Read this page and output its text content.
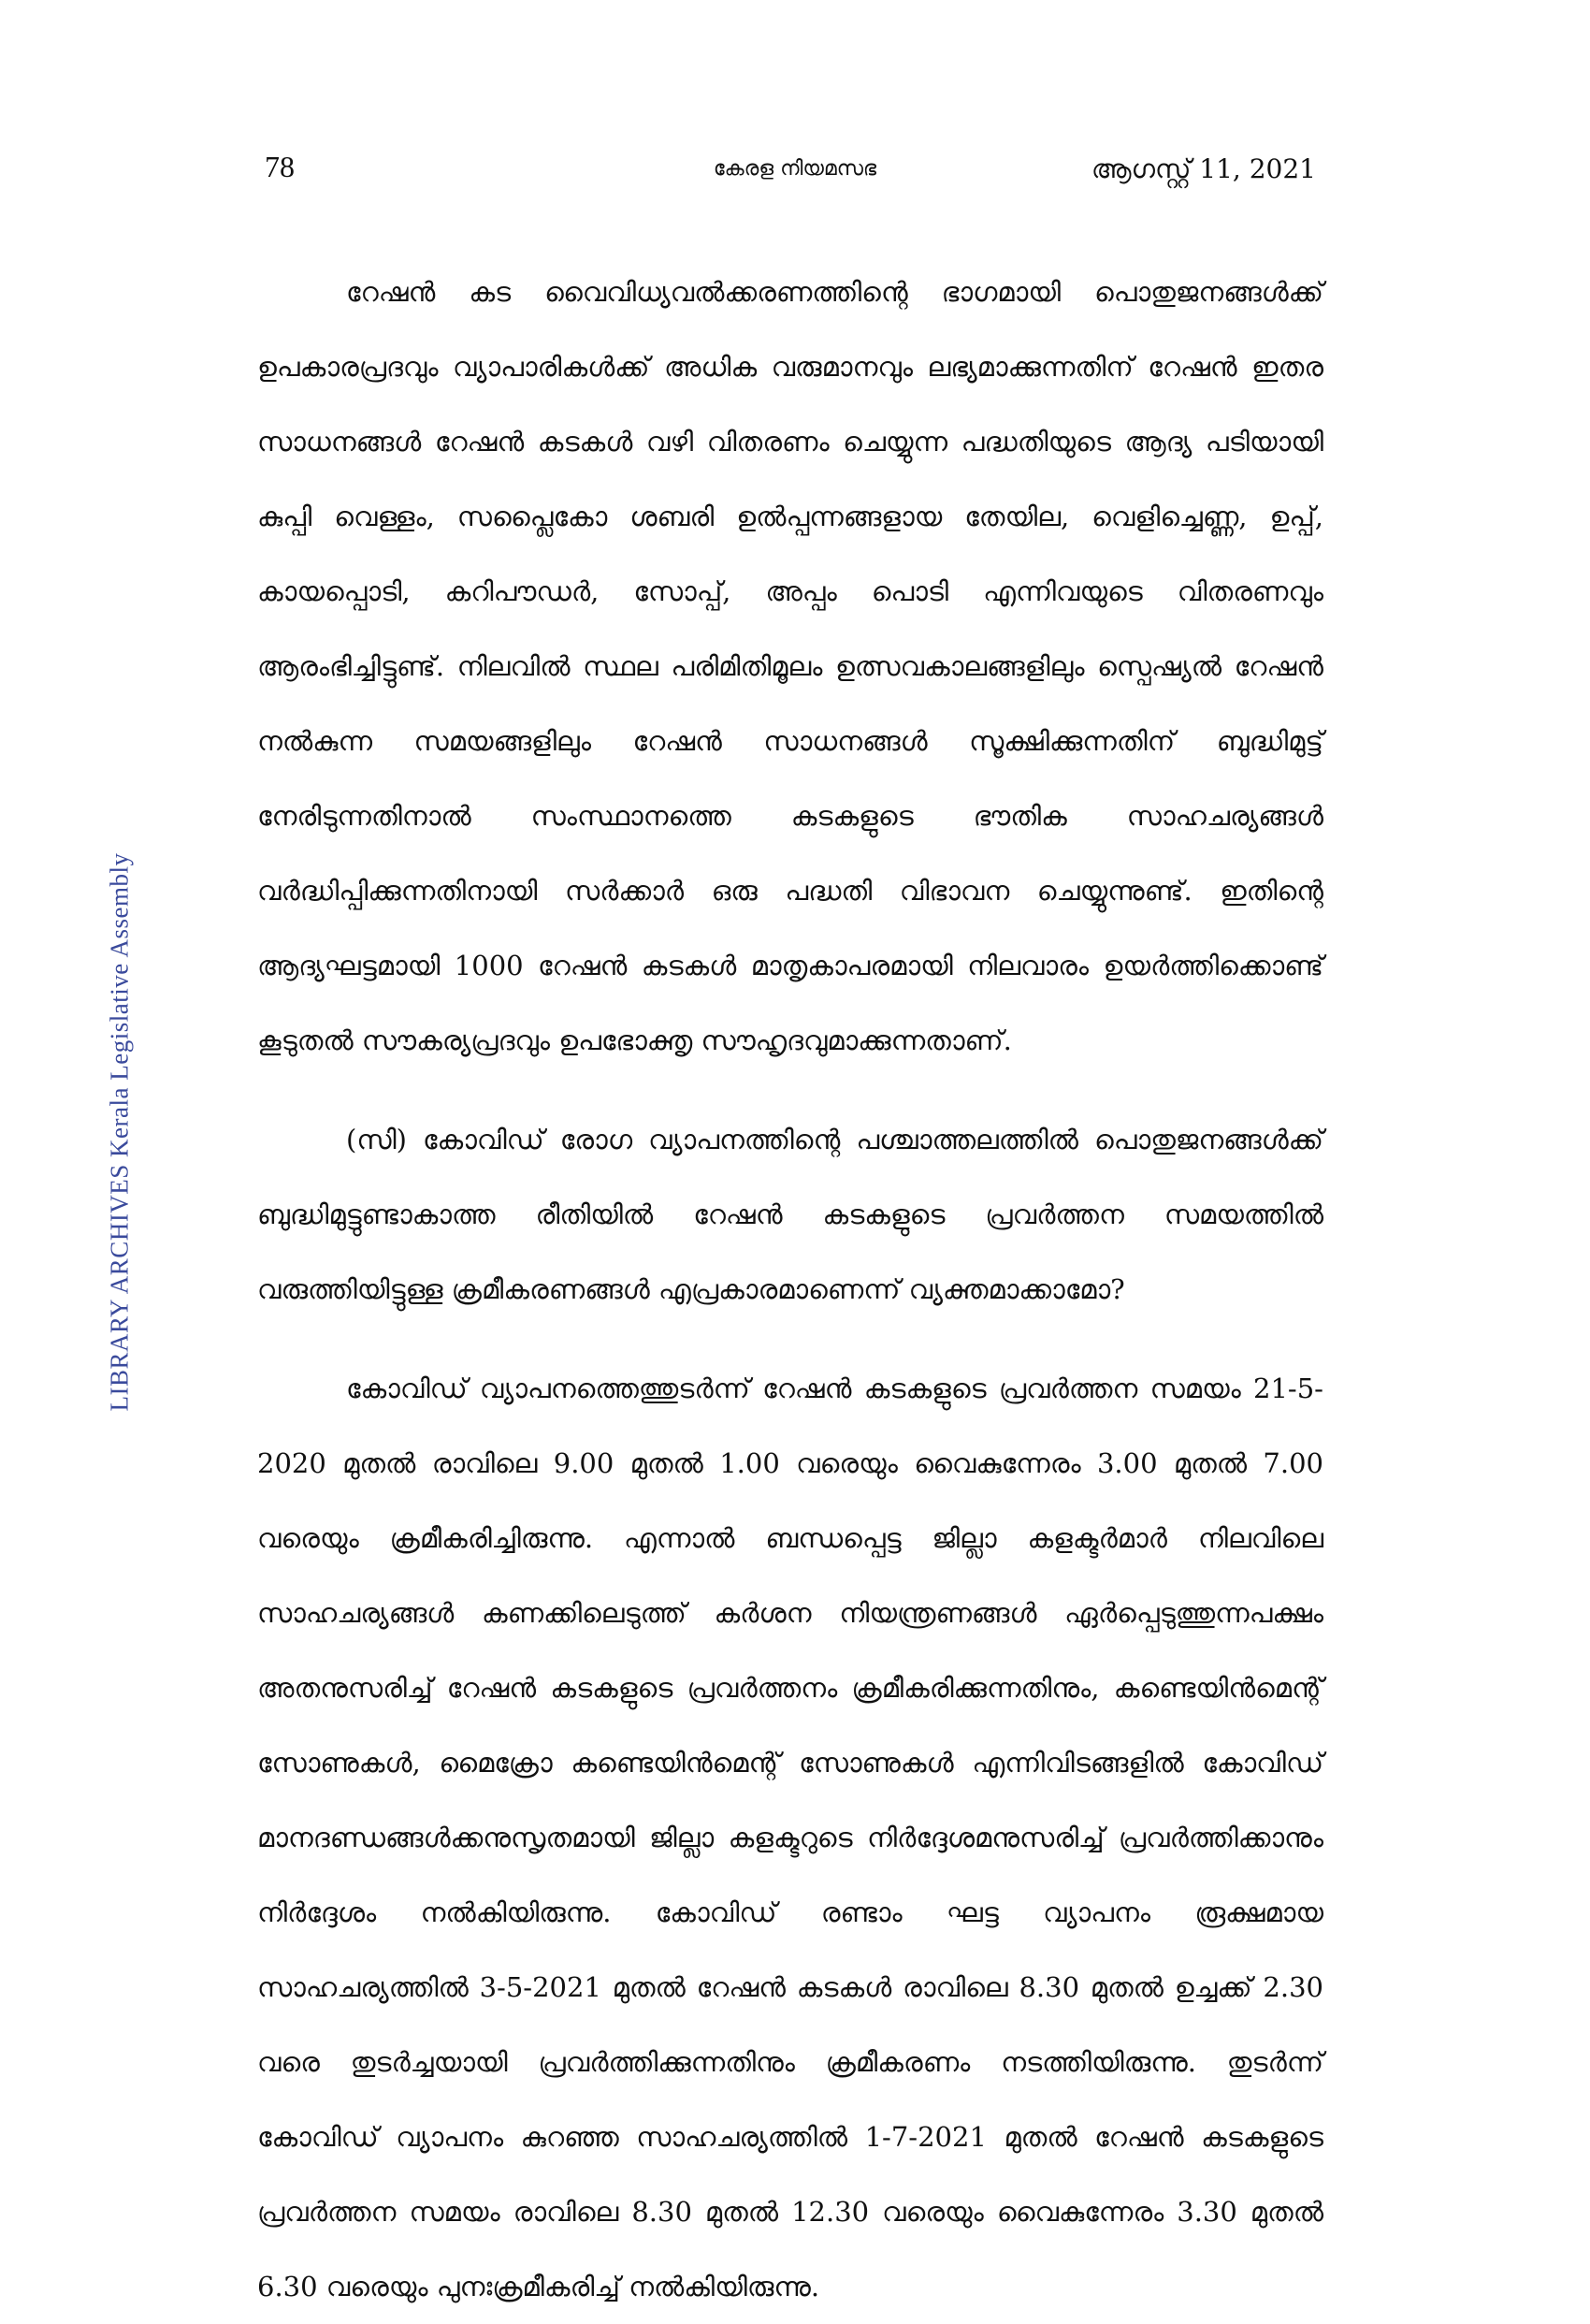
78	കേരള നിയമസഭ	ആഗസ്റ്റ് 11, 2021
LIBRARY ARCHIVES Kerala Legislative Assembly

റേഷൻ കട വൈവിധ്യവൽക്കരണത്തിന്റെ ഭാഗമായി പൊതുജനങ്ങൾക്ക് ഉപകാരപ്രദവും വ്യാപാരികൾക്ക് അധിക വരുമാനവും ലഭ്യമാക്കുന്നതിന് റേഷൻ ഇതര സാധനങ്ങൾ റേഷൻ കടകൾ വഴി വിതരണം ചെയ്യുന്ന പദ്ധതിയുടെ ആദ്യ പടിയായി കുപ്പി വെള്ളം, സപ്ലൈകോ ശബരി ഉൽപ്പന്നങ്ങളായ തേയില, വെളിച്ചെണ്ണ, ഉപ്പ്, കായപ്പൊടി, കറിപൗഡർ, സോപ്പ്, അപ്പം പൊടി എന്നിവയുടെ വിതരണവും ആരംഭിച്ചിട്ടുണ്ട്. നിലവിൽ സ്ഥല പരിമിതിമൂലം ഉത്സവകാലങ്ങളിലും സ്പെഷ്യൽ റേഷൻ നൽകുന്ന സമയങ്ങളിലും റേഷൻ സാധനങ്ങൾ സൂക്ഷിക്കുന്നതിന് ബുദ്ധിമുട്ട് നേരിടുന്നതിനാൽ സംസ്ഥാനത്തെ കടകളുടെ ഭൗതിക സാഹചര്യങ്ങൾ വർദ്ധിപ്പിക്കുന്നതിനായി സർക്കാർ ഒരു പദ്ധതി വിഭാവന ചെയ്യുന്നുണ്ട്. ഇതിന്റെ ആദ്യഘട്ടമായി 1000 റേഷൻ കടകൾ മാതൃകാപരമായി നിലവാരം ഉയർത്തിക്കൊണ്ട് കൂടുതൽ സൗകര്യപ്രദവും ഉപഭോക്തൃ സൗഹൃദവുമാക്കുന്നതാണ്.

(സി) കോവിഡ് രോഗ വ്യാപനത്തിന്റെ പശ്ചാത്തലത്തിൽ പൊതുജനങ്ങൾക്ക് ബുദ്ധിമുട്ടുണ്ടാകാത്ത രീതിയിൽ റേഷൻ കടകളുടെ പ്രവർത്തന സമയത്തിൽ വരുത്തിയിട്ടുള്ള ക്രമീകരണങ്ങൾ എപ്രകാരമാണെന്ന് വ്യക്തമാക്കാമോ?

കോവിഡ് വ്യാപനത്തെത്തുടർന്ന് റേഷൻ കടകളുടെ പ്രവർത്തന സമയം 21-5-2020 മുതൽ രാവിലെ 9.00 മുതൽ 1.00 വരെയും വൈകുന്നേരം 3.00 മുതൽ 7.00 വരെയും ക്രമീകരിച്ചിരുന്നു. എന്നാൽ ബന്ധപ്പെട്ട ജില്ലാ കളക്ടർമാർ നിലവിലെ സാഹചര്യങ്ങൾ കണക്കിലെടുത്ത് കർശന നിയന്ത്രണങ്ങൾ ഏർപ്പെടുത്തുന്നപക്ഷം അതനുസരിച്ച് റേഷൻ കടകളുടെ പ്രവർത്തനം ക്രമീകരിക്കുന്നതിനും, കണ്ടെയിൻമെന്റ് സോണുകൾ, മൈക്രോ കണ്ടെയിൻമെന്റ് സോണുകൾ എന്നിവിടങ്ങളിൽ കോവിഡ് മാനദണ്ഡങ്ങൾക്കനുസൃതമായി ജില്ലാ കളക്ടറുടെ നിർദ്ദേശമനുസരിച്ച് പ്രവർത്തിക്കാനും നിർദ്ദേശം നൽകിയിരുന്നു. കോവിഡ് രണ്ടാം ഘട്ട വ്യാപനം രൂക്ഷമായ സാഹചര്യത്തിൽ 3-5-2021 മുതൽ റേഷൻ കടകൾ രാവിലെ 8.30 മുതൽ ഉച്ചക്ക് 2.30 വരെ തുടർച്ചയായി പ്രവർത്തിക്കുന്നതിനും ക്രമീകരണം നടത്തിയിരുന്നു. തുടർന്ന് കോവിഡ് വ്യാപനം കുറഞ്ഞ സാഹചര്യത്തിൽ 1-7-2021 മുതൽ റേഷൻ കടകളുടെ പ്രവർത്തന സമയം രാവിലെ 8.30 മുതൽ 12.30 വരെയും വൈകുന്നേരം 3.30 മുതൽ 6.30 വരെയും പുനഃക്രമീകരിച്ച് നൽകിയിരുന്നു.
